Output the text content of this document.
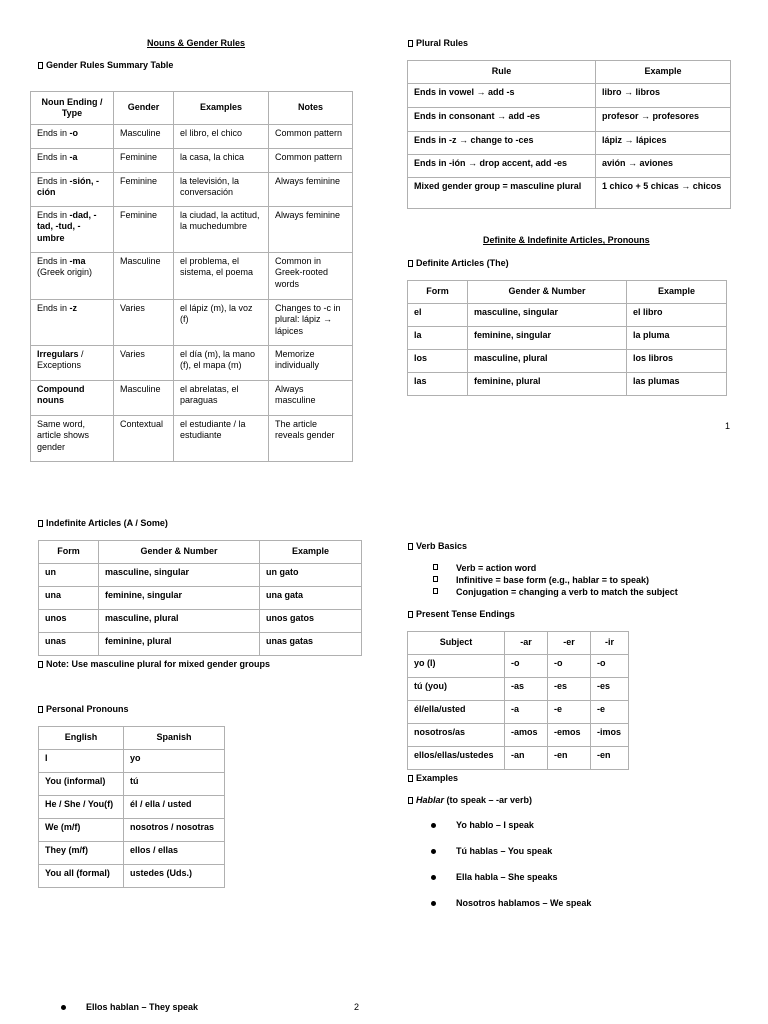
Nouns & Gender Rules
Gender Rules Summary Table
Noun Ending / Type	Gender	Examples	Notes
Ends in -o	Masculine	el libro, el chico	Common pattern
Ends in -a	Feminine	la casa, la chica	Common pattern
Ends in -sión, -ción	Feminine	la televisión, la conversación	Always feminine
Ends in -dad, -tad, -tud, -umbre	Feminine	la ciudad, la actitud, la muchedumbre	Always feminine
Ends in -ma (Greek origin)	Masculine	el problema, el sistema, el poema	Common in Greek-rooted words
Ends in -z	Varies	el lápiz (m), la voz (f)	Changes to -c in plural: lápiz → lápices
Irregulars / Exceptions	Varies	el día (m), la mano (f), el mapa (m)	Memorize individually
Compound nouns	Masculine	el abrelatas, el paraguas	Always masculine
Same word, article shows gender	Contextual	el estudiante / la estudiante	The article reveals gender
Plural Rules
Rule	Example
Ends in vowel → add -s	libro → libros
Ends in consonant → add -es	profesor → profesores
Ends in -z → change to -ces	lápiz → lápices
Ends in -ión → drop accent, add -es	avión → aviones
Mixed gender group = masculine plural	1 chico + 5 chicas → chicos
Definite & Indefinite Articles, Pronouns
Definite Articles (The)
Form	Gender & Number	Example
el	masculine, singular	el libro
la	feminine, singular	la pluma
los	masculine, plural	los libros
las	feminine, plural	las plumas
1
Indefinite Articles (A / Some)
Form	Gender & Number	Example
un	masculine, singular	un gato
una	feminine, singular	una gata
unos	masculine, plural	unos gatos
unas	feminine, plural	unas gatas
Note: Use masculine plural for mixed gender groups
Personal Pronouns
English	Spanish
I	yo
You (informal)	tú
He / She / You(f)	él / ella / usted
We (m/f)	nosotros / nosotras
They (m/f)	ellos / ellas
You all (formal)	ustedes (Uds.)
Verb Basics
Verb = action word
Infinitive = base form (e.g., hablar = to speak)
Conjugation = changing a verb to match the subject
Present Tense Endings
Subject	-ar	-er	-ir
yo (I)	-o	-o	-o
tú (you)	-as	-es	-es
él/ella/usted	-a	-e	-e
nosotros/as	-amos	-emos	-imos
ellos/ellas/ustedes	-an	-en	-en
Examples
Hablar (to speak – -ar verb)
Yo hablo – I speak
Tú hablas – You speak
Ella habla – She speaks
Nosotros hablamos – We speak
Ellos hablan – They speak	2
